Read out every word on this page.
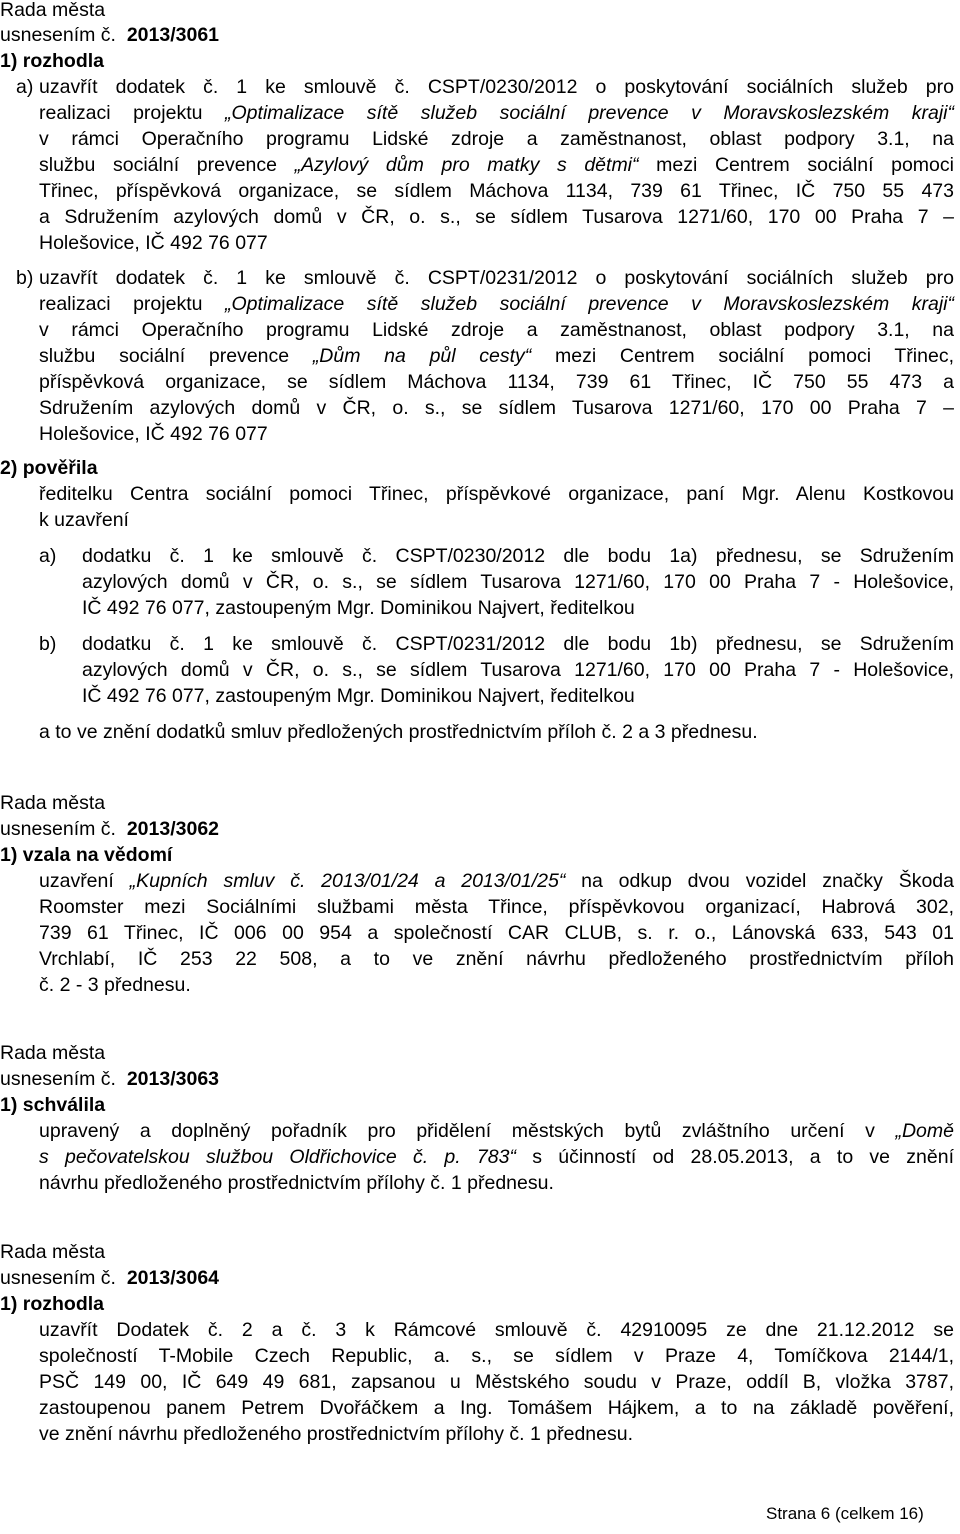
Rada města
usnesením č. 2013/3061
1) rozhodla
a) uzavřít dodatek č. 1 ke smlouvě č. CSPT/0230/2012 o poskytování sociálních služeb pro
realizaci projektu „Optimalizace sítě služeb sociální prevence v Moravskoslezském kraji“
v rámci Operačního programu Lidské zdroje a zaměstnanost, oblast podpory 3.1, na
službu sociální prevence „Azylový dům pro matky s dětmi“ mezi Centrem sociální pomoci
Třinec, příspěvková organizace, se sídlem Máchova 1134, 739 61 Třinec, IČ 750 55 473
a Sdružením azylových domů v ČR, o. s., se sídlem Tusarova 1271/60, 170 00 Praha 7 –
Holešovice, IČ 492 76 077
b) uzavřít dodatek č. 1 ke smlouvě č. CSPT/0231/2012 o poskytování sociálních služeb pro
realizaci projektu „Optimalizace sítě služeb sociální prevence v Moravskoslezském kraji“
v rámci Operačního programu Lidské zdroje a zaměstnanost, oblast podpory 3.1, na
službu sociální prevence „Dům na půl cesty“ mezi Centrem sociální pomoci Třinec,
příspěvková organizace, se sídlem Máchova 1134, 739 61 Třinec, IČ 750 55 473 a
Sdružením azylových domů v ČR, o. s., se sídlem Tusarova 1271/60, 170 00 Praha 7 –
Holešovice, IČ 492 76 077
2) pověřila
ředitelku Centra sociální pomoci Třinec, příspěvkové organizace, paní Mgr. Alenu Kostkovou
k uzavření
a) dodatku č. 1 ke smlouvě č. CSPT/0230/2012 dle bodu 1a) přednesu, se Sdružením
azylových domů v ČR, o. s., se sídlem Tusarova 1271/60, 170 00 Praha 7 - Holešovice,
IČ 492 76 077, zastoupeným Mgr. Dominikou Najvert, ředitelkou
b) dodatku č. 1 ke smlouvě č. CSPT/0231/2012 dle bodu 1b) přednesu, se Sdružením
azylových domů v ČR, o. s., se sídlem Tusarova 1271/60, 170 00 Praha 7 - Holešovice,
IČ 492 76 077, zastoupeným Mgr. Dominikou Najvert, ředitelkou
a to ve znění dodatků smluv předložených prostřednictvím příloh č. 2 a 3 přednesu.
Rada města
usnesením č. 2013/3062
1) vzala na vědomí
uzavření „Kupních smluv č. 2013/01/24 a 2013/01/25“ na odkup dvou vozidel značky Škoda
Roomster mezi Sociálními službami města Třince, příspěvkovou organizací, Habrová 302,
739 61 Třinec, IČ 006 00 954 a společností CAR CLUB, s. r. o., Lánovská 633, 543 01
Vrchlabí, IČ 253 22 508, a to ve znění návrhu předloženého prostřednictvím příloh
č. 2 - 3 přednesu.
Rada města
usnesením č. 2013/3063
1) schválila
upravený a doplněný pořadník pro přidělení městských bytů zvláštního určení v „Domě
s pečovatelskou službou Oldřichovice č. p. 783“ s účinností od 28.05.2013, a to ve znění
návrhu předloženého prostřednictvím přílohy č. 1 přednesu.
Rada města
usnesením č. 2013/3064
1) rozhodla
uzavřít Dodatek č. 2 a č. 3 k Rámcové smlouvě č. 42910095 ze dne 21.12.2012 se
společností T-Mobile Czech Republic, a. s., se sídlem v Praze 4, Tomíčkova 2144/1,
PSČ 149 00, IČ 649 49 681, zapsanou u Městského soudu v Praze, oddíl B, vložka 3787,
zastoupenou panem Petrem Dvořáčkem a Ing. Tomášem Hájkem, a to na základě pověření,
ve znění návrhu předloženého prostřednictvím přílohy č. 1 přednesu.
Strana 6 (celkem 16)
